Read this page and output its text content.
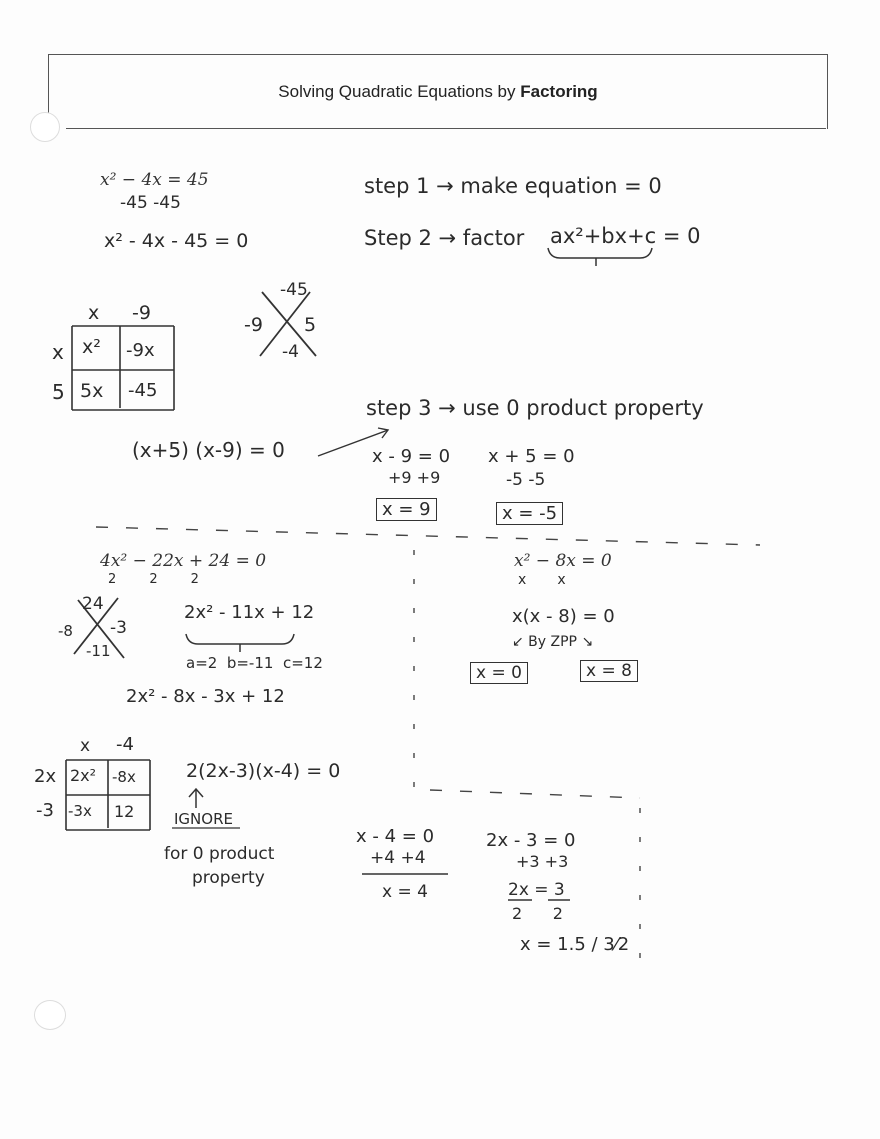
Solving Quadratic Equations by Factoring
x² − 4x = 45
-45 -45
x² - 4x - 45 = 0
step 1 → make equation = 0
Step 2 → factor ax²+bx+c = 0
-45
-9 5
-4
x -9
x
5
x² -9x
5x -45
step 3 → use 0 product property
(x+5) (x-9) = 0	x - 9 = 0
+9 +9
x = 9
x + 5 = 0
-5 -5
x = -5
4x² − 22x + 24 = 0
2        2        2
24
-8 -3
-11
2x² - 11x + 12
a=2  b=-11  c=12
2x² - 8x - 3x + 12
x -4
2x
-3
2x² -8x
-3x 12
2(2x-3)(x-4) = 0
IGNORE
for 0 product
property
x - 4 = 0
+4 +4
x = 4
2x - 3 = 0
+3 +3
2x = 3
2      2
x = 1.5 / 3⁄2
x² − 8x = 0
x       x
x(x - 8) = 0
↙ By ZPP ↘
x = 0	x = 8
